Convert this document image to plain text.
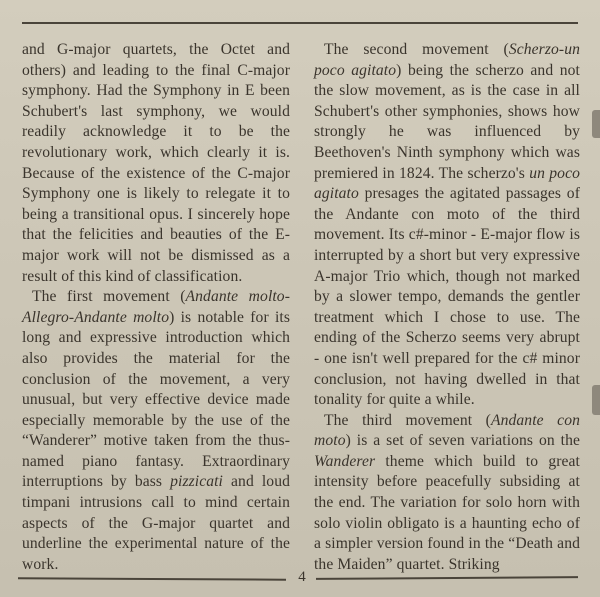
and G-major quartets, the Octet and others) and leading to the final C-major symphony. Had the Symphony in E been Schubert's last symphony, we would readily acknowledge it to be the revolutionary work, which clearly it is. Because of the existence of the C-major Symphony one is likely to relegate it to being a transitional opus. I sincerely hope that the felicities and beauties of the E-major work will not be dismissed as a result of this kind of classification.

The first movement (Andante molto-Allegro-Andante molto) is notable for its long and expressive introduction which also provides the material for the conclusion of the movement, a very unusual, but very effective device made especially memorable by the use of the “Wanderer” motive taken from the thus-named piano fantasy. Extraordinary interruptions by bass pizzicati and loud timpani intrusions call to mind certain aspects of the G-major quartet and underline the experimental nature of the work.

The second movement (Scherzo-un poco agitato) being the scherzo and not the slow movement, as is the case in all Schubert's other symphonies, shows how strongly he was influenced by Beethoven's Ninth symphony which was premiered in 1824. The scherzo's un poco agitato presages the agitated passages of the Andante con moto of the third movement. Its c#-minor - E-major flow is interrupted by a short but very expressive A-major Trio which, though not marked by a slower tempo, demands the gentler treatment which I chose to use. The ending of the Scherzo seems very abrupt - one isn't well prepared for the c# minor conclusion, not having dwelled in that tonality for quite a while.

The third movement (Andante con moto) is a set of seven variations on the Wanderer theme which build to great intensity before peacefully subsiding at the end. The variation for solo horn with solo violin obligato is a haunting echo of a simpler version found in the “Death and the Maiden” quartet. Striking

4
